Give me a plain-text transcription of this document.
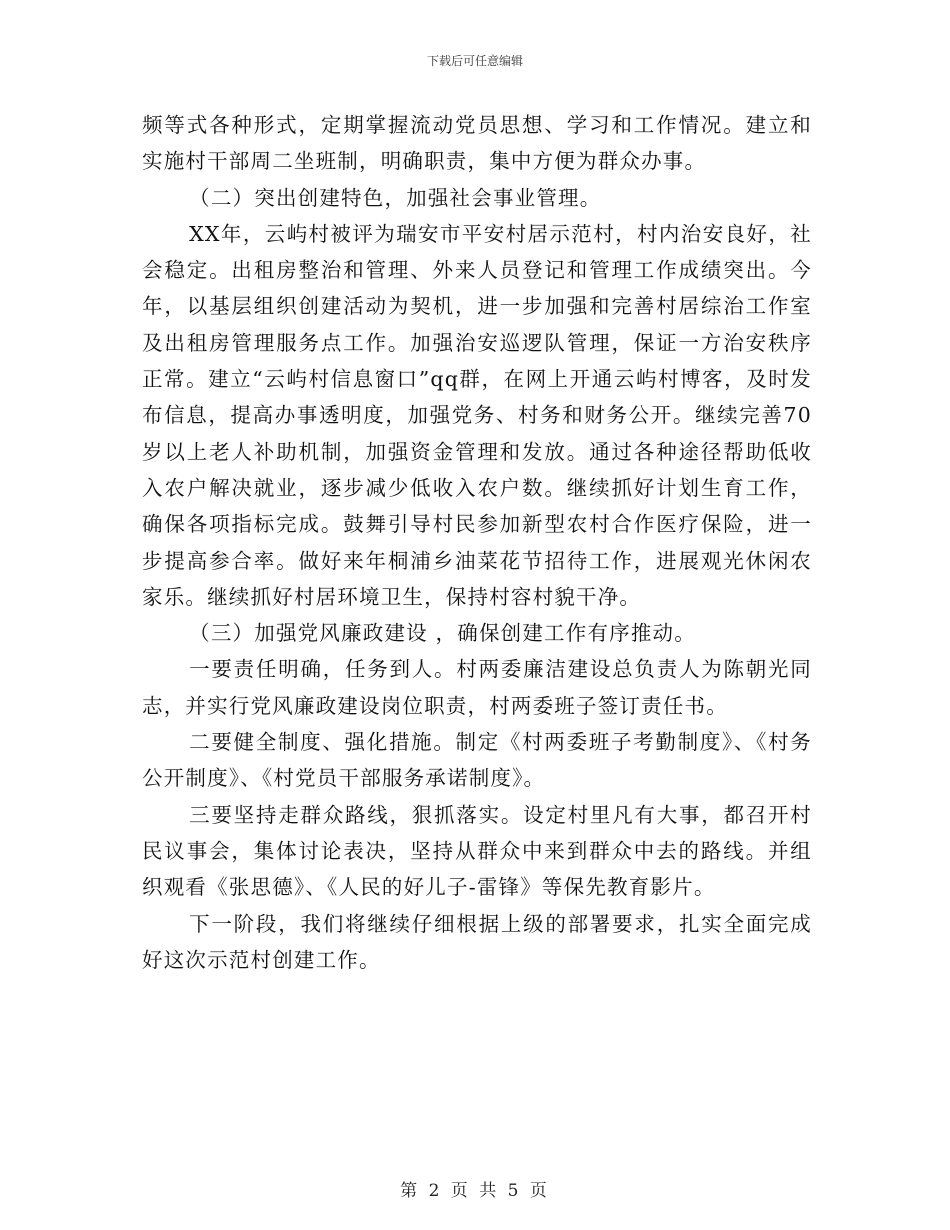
下载后可任意编辑

频等式各种形式，定期掌握流动党员思想、学习和工作情况。建立和实施村干部周二坐班制，明确职责，集中方便为群众办事。

（二）突出创建特色，加强社会事业管理。

XX年，云屿村被评为瑞安市平安村居示范村，村内治安良好，社会稳定。出租房整治和管理、外来人员登记和管理工作成绩突出。今年，以基层组织创建活动为契机，进一步加强和完善村居综治工作室及出租房管理服务点工作。加强治安巡逻队管理，保证一方治安秩序正常。建立“云屿村信息窗口”qq群，在网上开通云屿村博客，及时发布信息，提高办事透明度，加强党务、村务和财务公开。继续完善70岁以上老人补助机制，加强资金管理和发放。通过各种途径帮助低收入农户解决就业，逐步减少低收入农户数。继续抓好计划生育工作，确保各项指标完成。鼓舞引导村民参加新型农村合作医疗保险，进一步提高参合率。做好来年桐浦乡油菜花节招待工作，进展观光休闲农家乐。继续抓好村居环境卫生，保持村容村貌干净。

（三）加强党风廉政建设 ，确保创建工作有序推动。

一要责任明确，任务到人。村两委廉洁建设总负责人为陈朝光同志，并实行党风廉政建设岗位职责，村两委班子签订责任书。

二要健全制度、强化措施。制定《村两委班子考勤制度》、《村务公开制度》、《村党员干部服务承诺制度》。

三要坚持走群众路线，狠抓落实。设定村里凡有大事，都召开村民议事会，集体讨论表决，坚持从群众中来到群众中去的路线。并组织观看《张思德》、《人民的好儿子-雷锋》等保先教育影片。

下一阶段，我们将继续仔细根据上级的部署要求，扎实全面完成好这次示范村创建工作。

第 2 页 共 5 页
